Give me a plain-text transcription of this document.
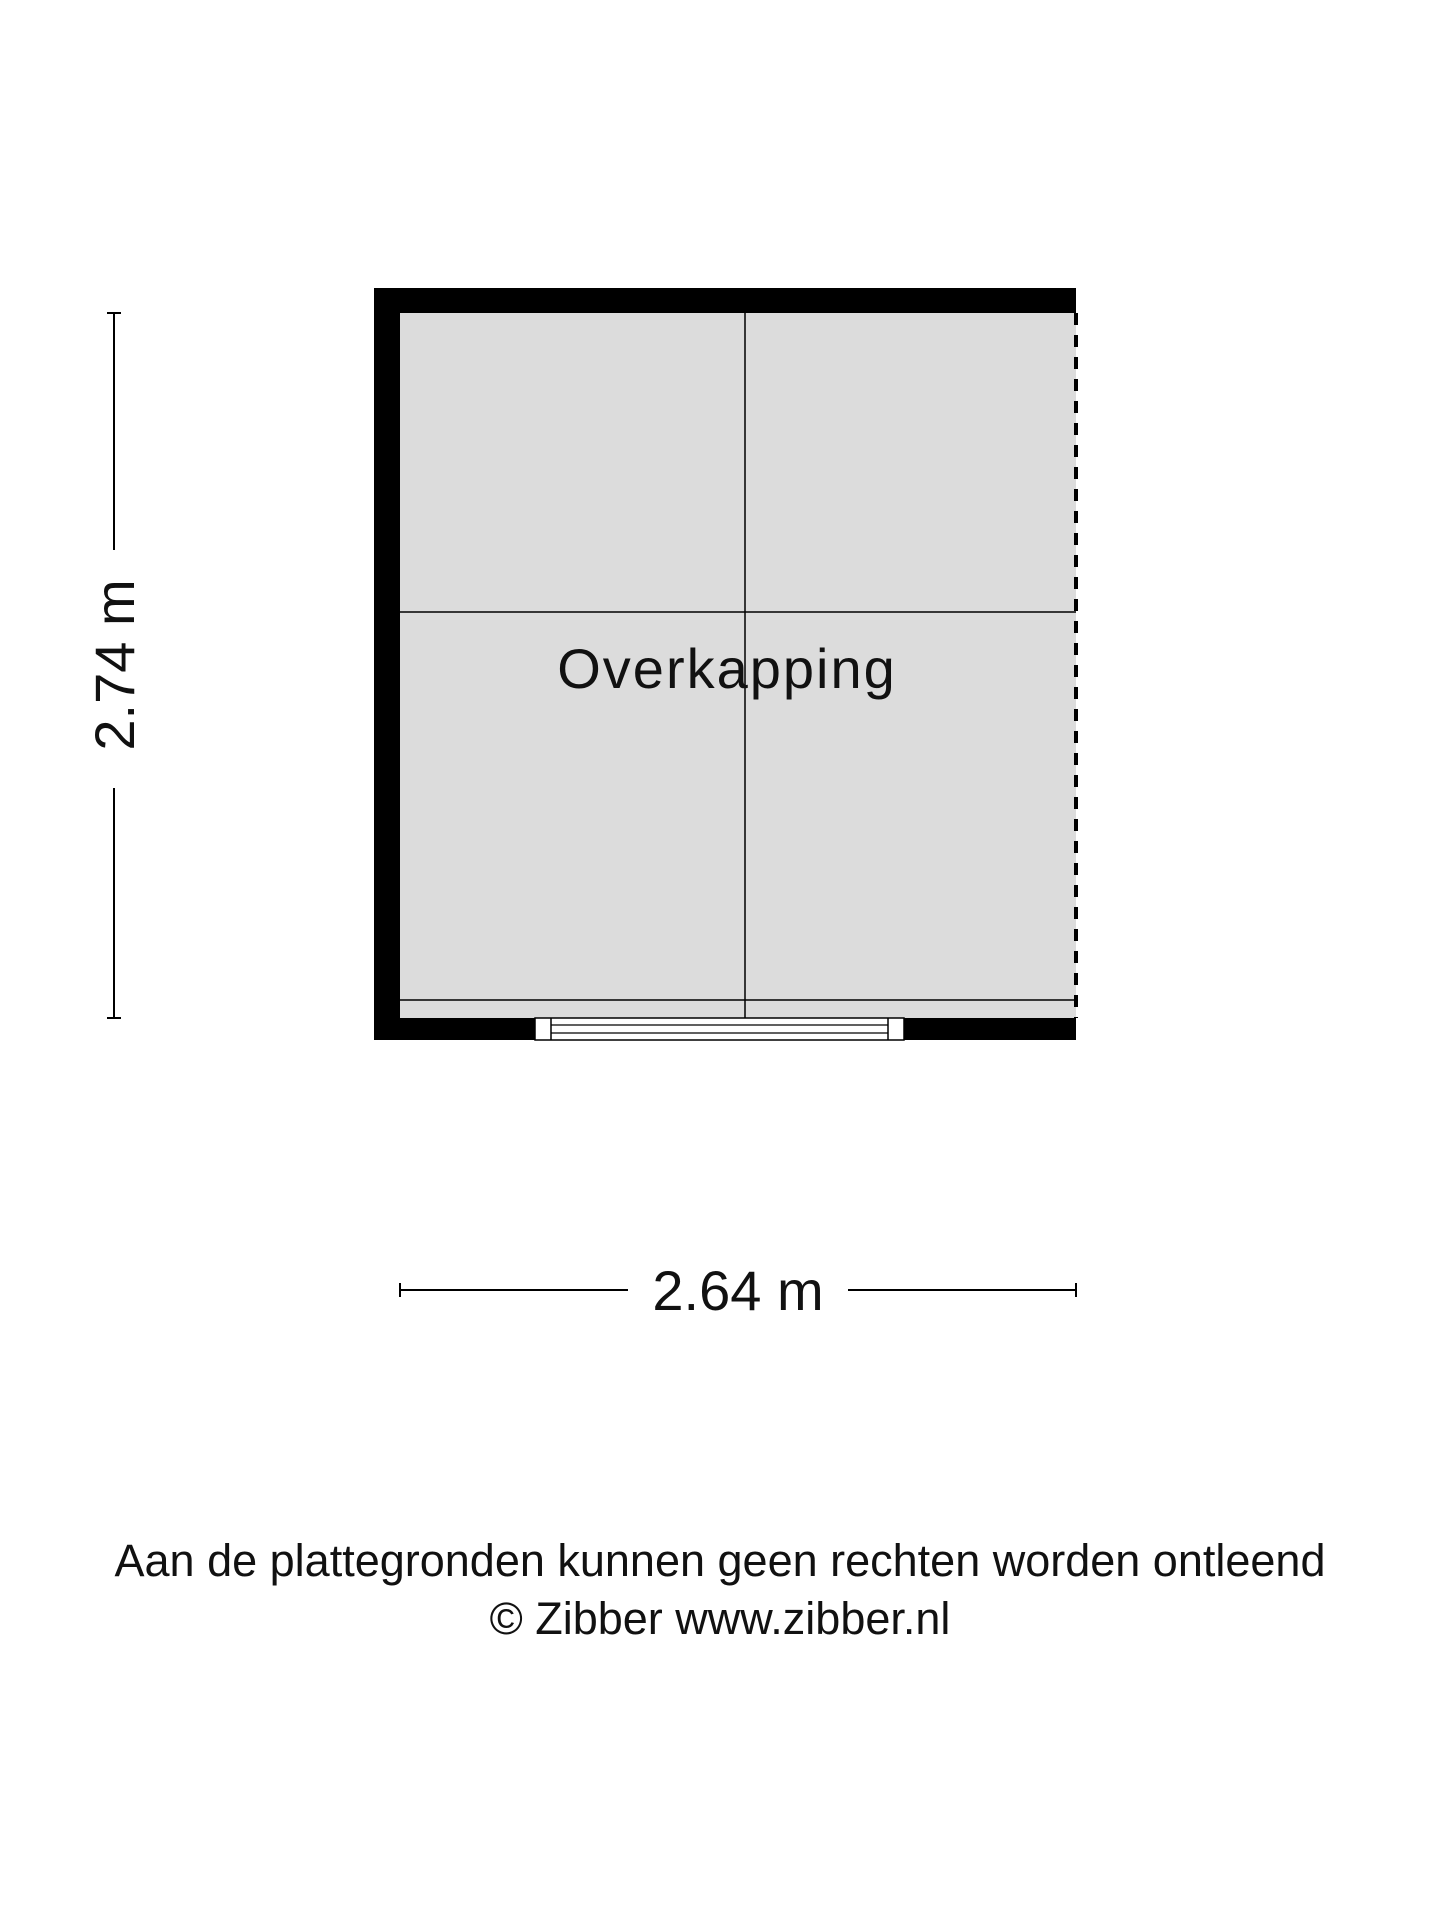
Overkapping
2.74 m
2.64 m
Aan de plattegronden kunnen geen rechten worden ontleend
© Zibber www.zibber.nl
